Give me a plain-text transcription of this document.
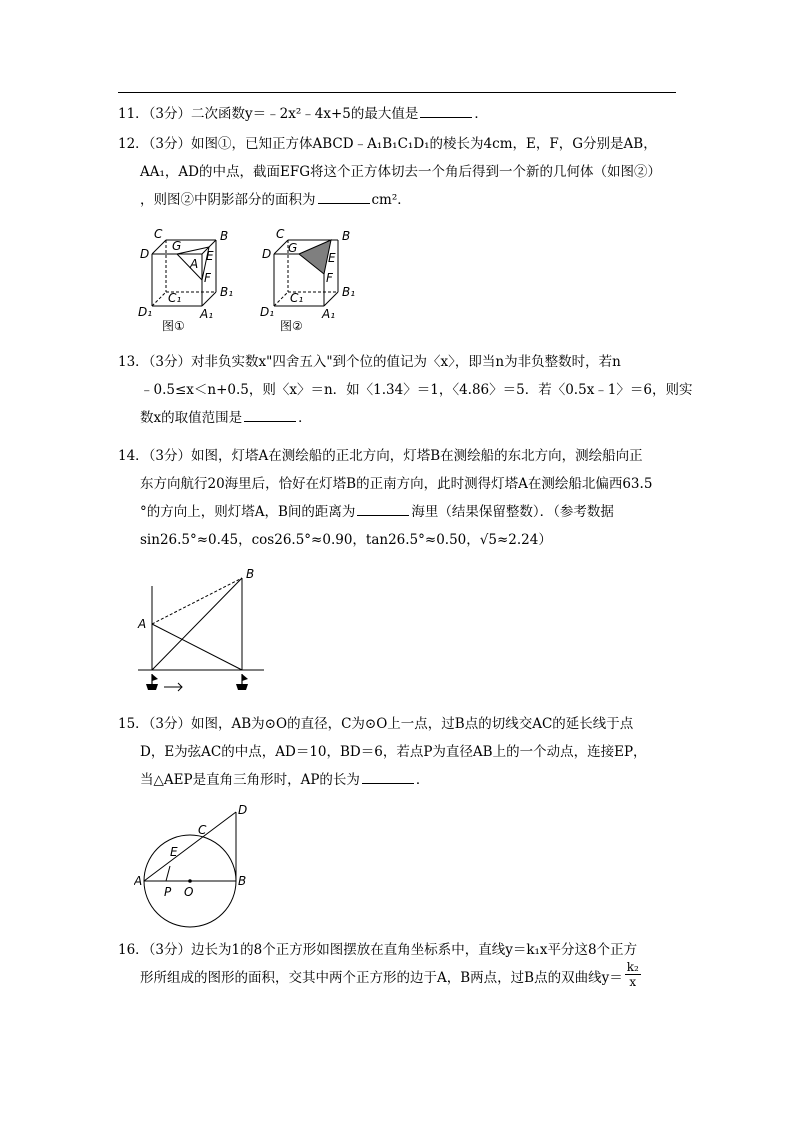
11．（3分）二次函数y＝﹣2x²﹣4x+5的最大值是	．
12．（3分）如图①，已知正方体ABCD﹣A₁B₁C₁D₁的棱长为4cm，E，F，G分别是AB，
AA₁，AD的中点，截面EFG将这个正方体切去一个角后得到一个新的几何体（如图②）
，则图②中阴影部分的面积为	cm²．
C
G
B
D
A
E
F
C₁	B₁
D₁	A₁
图①
C
G
B
D	E
F
C₁	B₁
D₁	A₁
图②
13．（3分）对非负实数x"四舍五入"到个位的值记为〈x〉，即当n为非负整数时，若n
﹣0.5≤x＜n+0.5，则〈x〉＝n．如〈1.34〉＝1，〈4.86〉＝5．若〈0.5x﹣1〉＝6，则实
数x的取值范围是	．
14．（3分）如图，灯塔A在测绘船的正北方向，灯塔B在测绘船的东北方向，测绘船向正
东方向航行20海里后，恰好在灯塔B的正南方向，此时测得灯塔A在测绘船北偏西63.5
°的方向上，则灯塔A，B间的距离为	海里（结果保留整数）．（参考数据
sin26.5°≈0.45，cos26.5°≈0.90，tan26.5°≈0.50，√5≈2.24）
A
B
15．（3分）如图，AB为⊙O的直径，C为⊙O上一点，过B点的切线交AC的延长线于点
D，E为弦AC的中点，AD＝10，BD＝6，若点P为直径AB上的一个动点，连接EP，
当△AEP是直角三角形时，AP的长为	．
D
C
E
A
P O
B
16．（3分）边长为1的8个正方形如图摆放在直角坐标系中，直线y＝k₁x平分这8个正方
形所组成的图形的面积，交其中两个正方形的边于A，B两点，过B点的双曲线$y= \frac{\text{k₂}}{x}$
